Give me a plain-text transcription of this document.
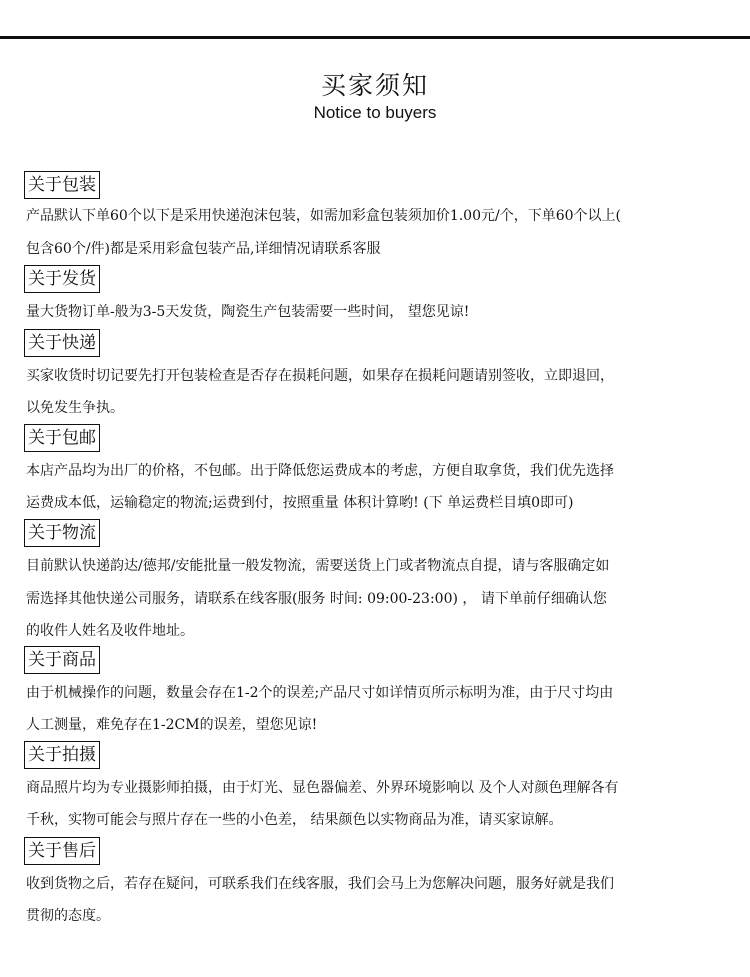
买家须知
Notice to buyers
关于包装
产品默认下单60个以下是采用快递泡沫包装，如需加彩盒包装须加价1.00元/个，下单60个以上(
包含60个/件)都是采用彩盒包装产品,详细情况请联系客服
关于发货
量大货物订单-般为3-5天发货，陶瓷生产包装需要一些时间， 望您见谅!
关于快递
买家收货时切记要先打开包装检查是否存在损耗问题，如果存在损耗问题请别签收，立即退回，
以免发生争执。
关于包邮
本店产品均为出厂的价格，不包邮。出于降低您运费成本的考虑，方便自取拿货，我们优先选择
运费成本低，运输稳定的物流;运费到付，按照重量 体积计算哟! (下 单运费栏目填0即可)
关于物流
目前默认快递韵达/德邦/安能批量一般发物流，需要送货上门或者物流点自提，请与客服确定如
需选择其他快递公司服务，请联系在线客服(服务 时间: 09:00-23:00) ， 请下单前仔细确认您
的收件人姓名及收件地址。
关于商品
由于机械操作的问题，数量会存在1-2个的误差;产品尺寸如详情页所示标明为准，由于尺寸均由
人工测量，难免存在1-2CM的误差，望您见谅!
关于拍摄
商品照片均为专业摄影师拍摄，由于灯光、显色器偏差、外界环境影响以 及个人对颜色理解各有
千秋，实物可能会与照片存在一些的小色差， 结果颜色以实物商品为准，请买家谅解。
关于售后
收到货物之后，若存在疑问，可联系我们在线客服，我们会马上为您解决问题，服务好就是我们
贯彻的态度。
